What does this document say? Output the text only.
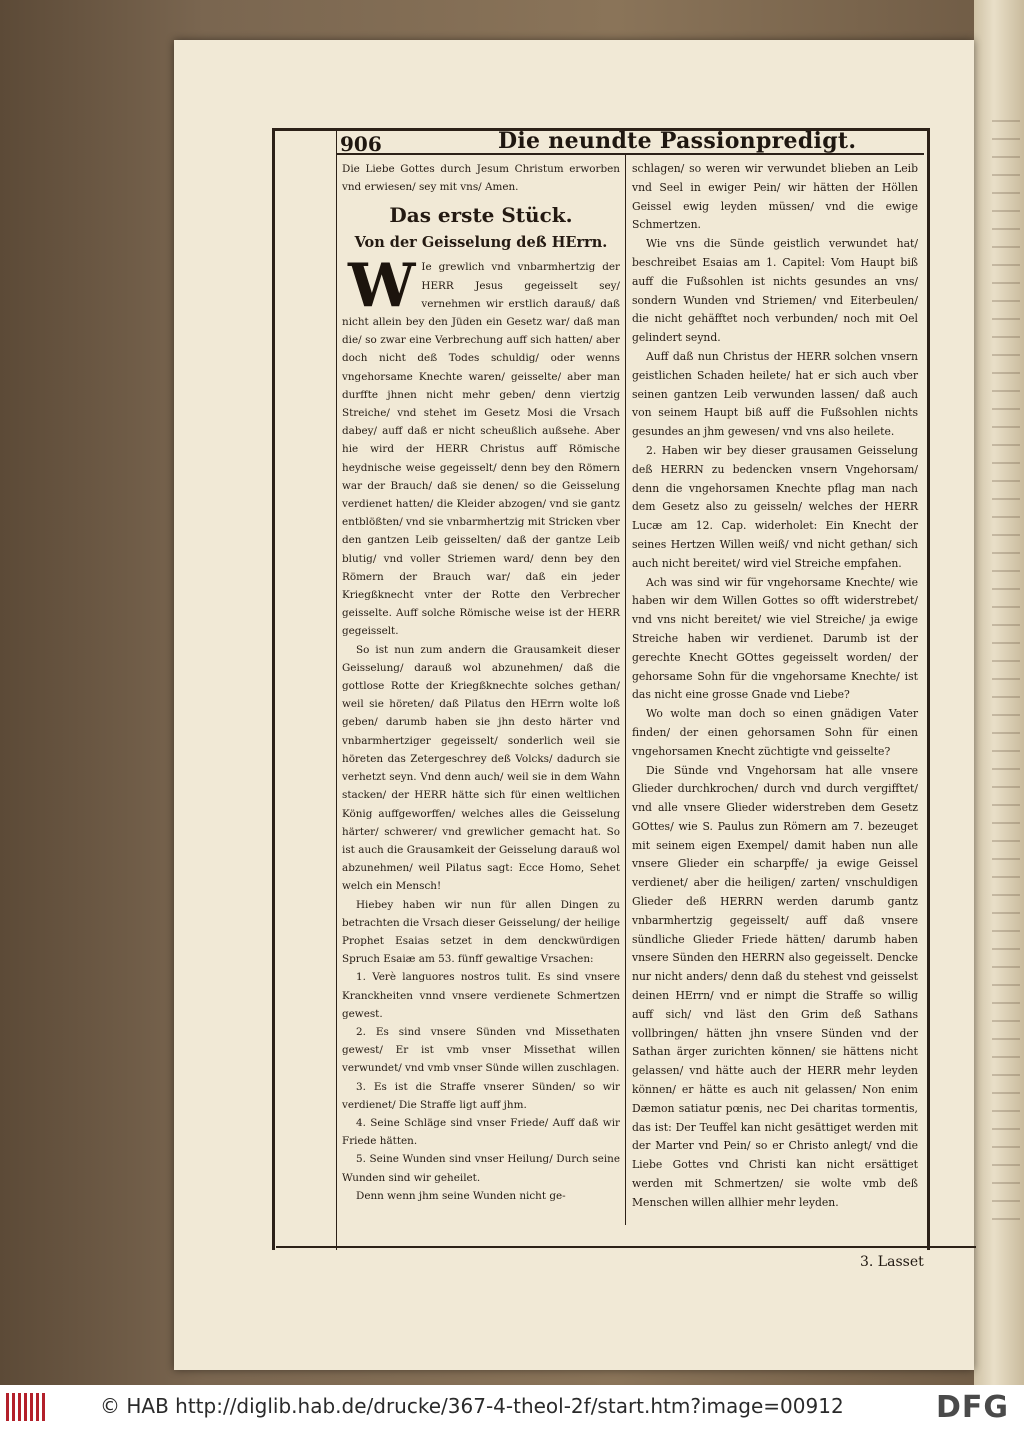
906	Die neundte Passionpredigt.

Die Liebe Gottes durch Jesum Christum erworben vnd erwiesen/ sey mit vns/ Amen.

Das erste Stück.
Von der Geisselung deß HErrn.

W Ie grewlich vnd vnbarmhertzig der HERR Jesus gegeisselt sey/ vernehmen wir erstlich darauß/ daß nicht allein bey den Jüden ein Gesetz war/ daß man die/ so zwar eine Verbrechung auff sich hatten/ aber doch nicht deß Todes schuldig/ oder wenns vngehorsame Knechte waren/ geisselte/ aber man durffte jhnen nicht mehr geben/ denn viertzig Streiche/ vnd stehet im Gesetz Mosi die Vrsach dabey/ auff daß er nicht scheußlich außsehe. Aber hie wird der HERR Christus auff Römische heydnische weise gegeisselt/ denn bey den Römern war der Brauch/ daß sie denen/ so die Geisselung verdienet hatten/ die Kleider abzogen/ vnd sie gantz entblößten/ vnd sie vnbarmhertzig mit Stricken vber den gantzen Leib geisselten/ daß der gantze Leib blutig/ vnd voller Striemen ward/ denn bey den Römern der Brauch war/ daß ein jeder Kriegßknecht vnter der Rotte den Verbrecher geisselte. Auff solche Römische weise ist der HERR gegeisselt.

So ist nun zum andern die Grausamkeit dieser Geisselung/ darauß wol abzunehmen/ daß die gottlose Rotte der Kriegßknechte solches gethan/ weil sie höreten/ daß Pilatus den HErrn wolte loß geben/ darumb haben sie jhn desto härter vnd vnbarmhertziger gegeisselt/ sonderlich weil sie höreten das Zetergeschrey deß Volcks/ dadurch sie verhetzt seyn. Vnd denn auch/ weil sie in dem Wahn stacken/ der HERR hätte sich für einen weltlichen König auffgeworffen/ welches alles die Geisselung härter/ schwerer/ vnd grewlicher gemacht hat. So ist auch die Grausamkeit der Geisselung darauß wol abzunehmen/ weil Pilatus sagt: Ecce Homo, Sehet welch ein Mensch!

Hiebey haben wir nun für allen Dingen zu betrachten die Vrsach dieser Geisselung/ der heilige Prophet Esaias setzet in dem denckwürdigen Spruch Esaiæ am 53. fünff gewaltige Vrsachen:

1. Verè languores nostros tulit. Es sind vnsere Kranckheiten vnnd vnsere verdienete Schmertzen gewest.

2. Es sind vnsere Sünden vnd Missethaten gewest/ Er ist vmb vnser Missethat willen verwundet/ vnd vmb vnser Sünde willen zuschlagen.

3. Es ist die Straffe vnserer Sünden/ so wir verdienet/ Die Straffe ligt auff jhm.

4. Seine Schläge sind vnser Friede/ Auff daß wir Friede hätten.

5. Seine Wunden sind vnser Heilung/ Durch seine Wunden sind wir geheilet.

Denn wenn jhm seine Wunden nicht ge-

schlagen/ so weren wir verwundet blieben an Leib vnd Seel in ewiger Pein/ wir hätten der Höllen Geissel ewig leyden müssen/ vnd die ewige Schmertzen.

Wie vns die Sünde geistlich verwundet hat/ beschreibet Esaias am 1. Capitel: Vom Haupt biß auff die Fußsohlen ist nichts gesundes an vns/ sondern Wunden vnd Striemen/ vnd Eiterbeulen/ die nicht gehäfftet noch verbunden/ noch mit Oel gelindert seynd.

Auff daß nun Christus der HERR solchen vnsern geistlichen Schaden heilete/ hat er sich auch vber seinen gantzen Leib verwunden lassen/ daß auch von seinem Haupt biß auff die Fußsohlen nichts gesundes an jhm gewesen/ vnd vns also heilete.

2. Haben wir bey dieser grausamen Geisselung deß HERRN zu bedencken vnsern Vngehorsam/ denn die vngehorsamen Knechte pflag man nach dem Gesetz also zu geisseln/ welches der HERR Lucæ am 12. Cap. widerholet: Ein Knecht der seines Hertzen Willen weiß/ vnd nicht gethan/ sich auch nicht bereitet/ wird viel Streiche empfahen.

Ach was sind wir für vngehorsame Knechte/ wie haben wir dem Willen Gottes so offt widerstrebet/ vnd vns nicht bereitet/ wie viel Streiche/ ja ewige Streiche haben wir verdienet. Darumb ist der gerechte Knecht GOttes gegeisselt worden/ der gehorsame Sohn für die vngehorsame Knechte/ ist das nicht eine grosse Gnade vnd Liebe?

Wo wolte man doch so einen gnädigen Vater finden/ der einen gehorsamen Sohn für einen vngehorsamen Knecht züchtigte vnd geisselte?

Die Sünde vnd Vngehorsam hat alle vnsere Glieder durchkrochen/ durch vnd durch vergifftet/ vnd alle vnsere Glieder widerstreben dem Gesetz GOttes/ wie S. Paulus zun Römern am 7. bezeuget mit seinem eigen Exempel/ damit haben nun alle vnsere Glieder ein scharpffe/ ja ewige Geissel verdienet/ aber die heiligen/ zarten/ vnschuldigen Glieder deß HERRN werden darumb gantz vnbarmhertzig gegeisselt/ auff daß vnsere sündliche Glieder Friede hätten/ darumb haben vnsere Sünden den HERRN also gegeisselt. Dencke nur nicht anders/ denn daß du stehest vnd geisselst deinen HErrn/ vnd er nimpt die Straffe so willig auff sich/ vnd läst den Grim deß Sathans vollbringen/ hätten jhn vnsere Sünden vnd der Sathan ärger zurichten können/ sie hättens nicht gelassen/ vnd hätte auch der HERR mehr leyden können/ er hätte es auch nit gelassen/ Non enim Dæmon satiatur pœnis, nec Dei charitas tormentis, das ist: Der Teuffel kan nicht gesättiget werden mit der Marter vnd Pein/ so er Christo anlegt/ vnd die Liebe Gottes vnd Christi kan nicht ersättiget werden mit Schmertzen/ sie wolte vmb deß Menschen willen allhier mehr leyden.

3. Lasset
© HAB http://diglib.hab.de/drucke/367-4-theol-2f/start.htm?image=00912	DFG
